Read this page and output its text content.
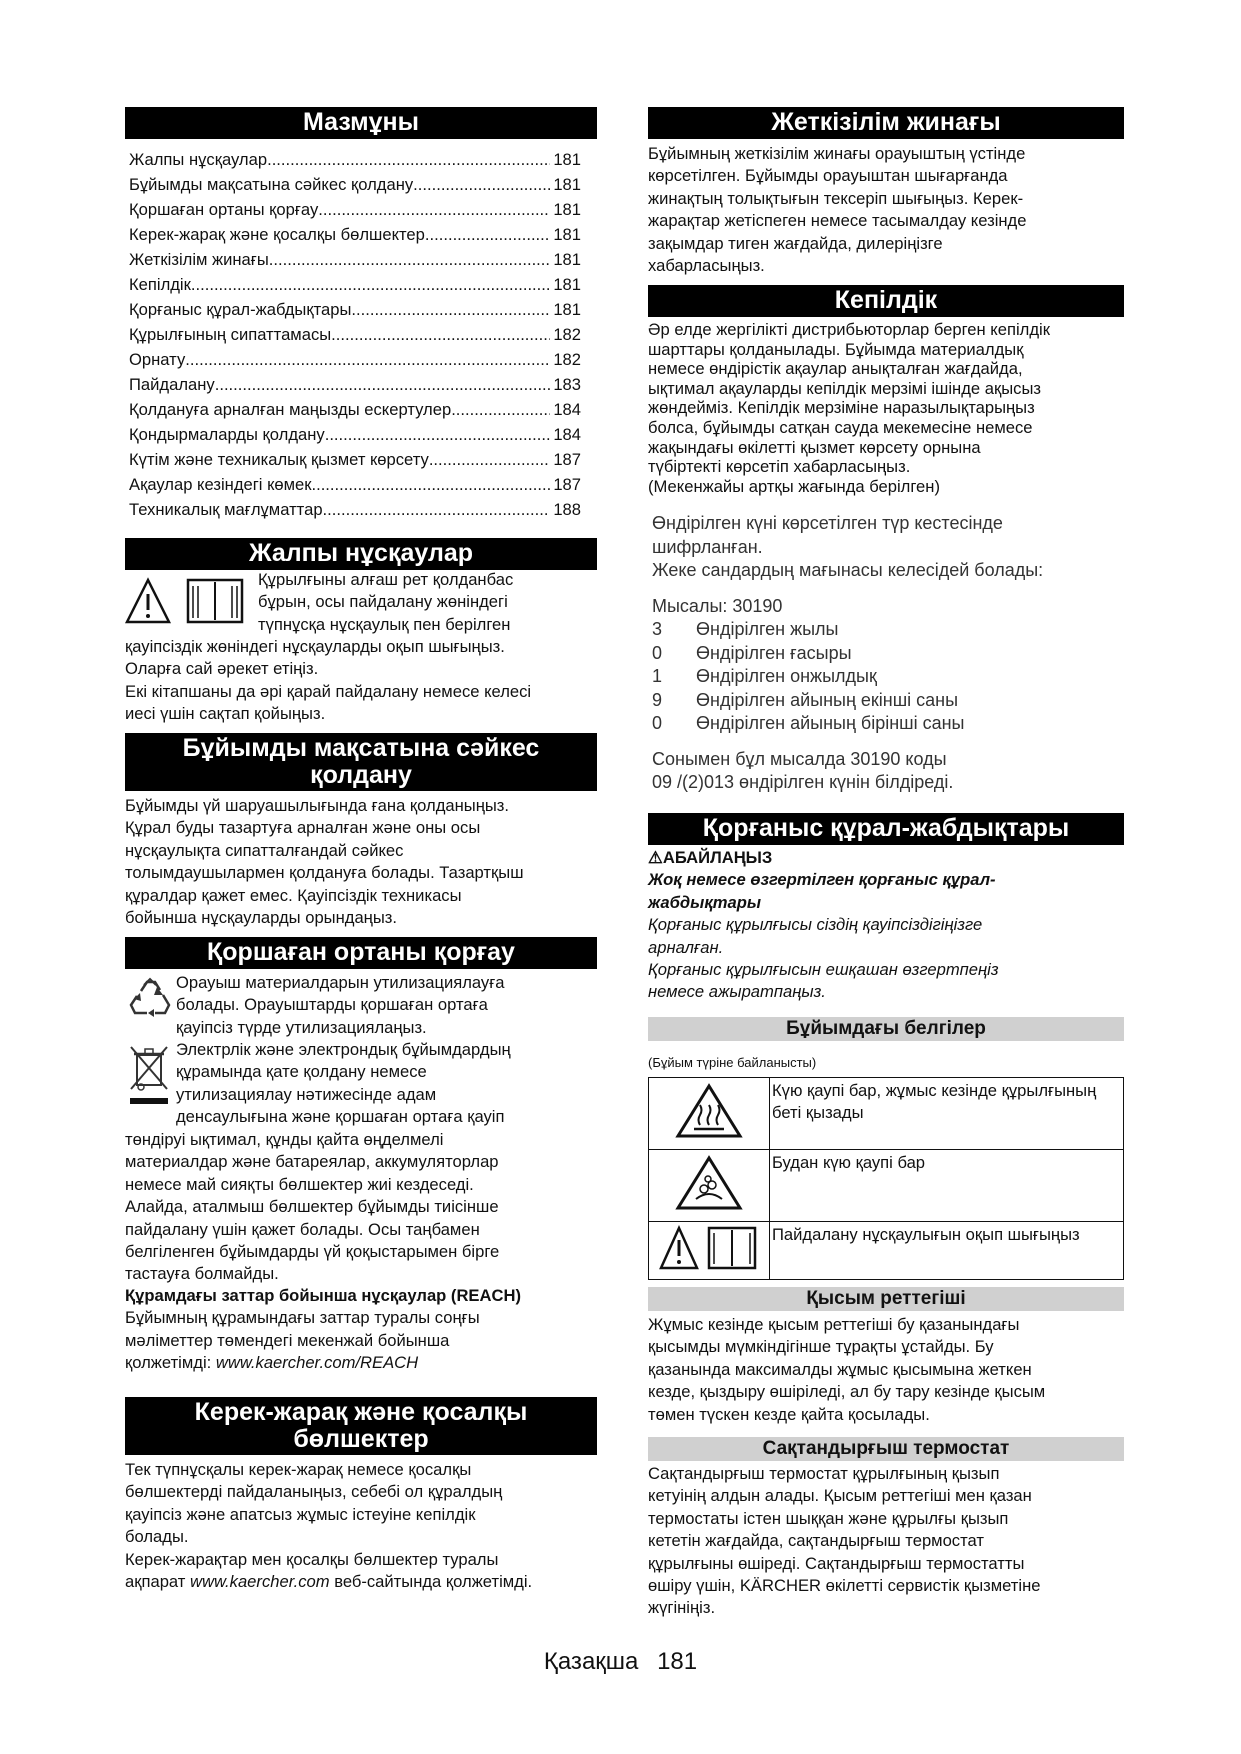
Мазмұны
Жалпы нұсқаулар .....	181
Бұйымды мақсатына сәйкес қолдану .....	181
Қоршаған ортаны қорғау .....	181
Керек-жарақ және қосалқы бөлшектер .....	181
Жеткізілім жинағы .....	181
Кепілдік .....	181
Қорғаныс құрал-жабдықтары .....	181
Құрылғының сипаттамасы .....	182
Орнату .....	182
Пайдалану .....	183
Қолдануға арналған маңызды ескертулер .....	184
Қондырмаларды қолдану .....	184
Күтім және техникалық қызмет көрсету .....	187
Ақаулар кезіндегі көмек .....	187
Техникалық мағлұматтар .....	188
Жалпы нұсқаулар
Құрылғыны алғаш рет қолданбас
бұрын, осы пайдалану жөніндегі
түпнұсқа нұсқаулық пен берілген
қауіпсіздік жөніндегі нұсқауларды оқып шығыңыз.
Оларға сай әрекет етіңіз.
Екі кітапшаны да әрі қарай пайдалану немесе келесі
иесі үшін сақтап қойыңыз.
Бұйымды мақсатына сәйкес
қолдану
Бұйымды үй шаруашылығында ғана қолданыңыз.
Құрал буды тазартуға арналған және оны осы
нұсқаулықта сипатталғандай сәйкес
толымдаушылармен қолдануға болады. Тазартқыш
құралдар қажет емес. Қауіпсіздік техникасы
бойынша нұсқауларды орындаңыз.
Қоршаған ортаны қорғау
Орауыш материалдарын утилизациялауға
болады. Орауыштарды қоршаған ортаға
қауіпсіз түрде утилизациялаңыз.
Электрлік және электрондық бұйымдардың
құрамында қате қолдану немесе
утилизациялау нәтижесінде адам
денсаулығына және қоршаған ортаға қауіп
төндіруі ықтимал, құнды қайта өңделмелі
материалдар және батареялар, аккумуляторлар
немесе май сияқты бөлшектер жиі кездеседі.
Алайда, аталмыш бөлшектер бұйымды тиісінше
пайдалану үшін қажет болады. Осы таңбамен
белгіленген бұйымдарды үй қоқыстарымен бірге
тастауға болмайды.
Құрамдағы заттар бойынша нұсқаулар (REACH)
Бұйымның құрамындағы заттар туралы соңғы
мәліметтер төмендегі мекенжай бойынша
қолжетімді: www.kaercher.com/REACH
Керек-жарақ және қосалқы
бөлшектер
Тек түпнұсқалы керек-жарақ немесе қосалқы
бөлшектерді пайдаланыңыз, себебі ол құралдың
қауіпсіз және апатсыз жұмыс істеуіне кепілдік
болады.
Керек-жарақтар мен қосалқы бөлшектер туралы
ақпарат www.kaercher.com веб-сайтында қолжетімді.
Жеткізілім жинағы
Бұйымның жеткізілім жинағы орауыштың үстінде
көрсетілген. Бұйымды орауыштан шығарғанда
жинақтың толықтығын тексеріп шығыңыз. Керек-
жарақтар жетіспеген немесе тасымалдау кезінде
зақымдар тиген жағдайда, дилеріңізге
хабарласыңыз.
Кепілдік
Әр елде жергілікті дистрибьюторлар берген кепілдік
шарттары қолданылады. Бұйымда материалдық
немесе өндірістік ақаулар анықталған жағдайда,
ықтимал ақауларды кепілдік мерзімі ішінде ақысыз
жөндейміз. Кепілдік мерзіміне наразылықтарыңыз
болса, бұйымды сатқан сауда мекемесіне немесе
жақындағы өкілетті қызмет көрсету орнына
түбіртекті көрсетіп хабарласыңыз.
(Мекенжайы артқы жағында берілген)
Өндірілген күні көрсетілген түр кестесінде
шифрланған.
Жеке сандардың мағынасы келесідей болады:
Мысалы: 30190
3	Өндірілген жылы
0	Өндірілген ғасыры
1	Өндірілген онжылдық
9	Өндірілген айының екінші саны
0	Өндірілген айының бірінші саны
Сонымен бұл мысалда 30190 коды
09 /(2)013 өндірілген күнін білдіреді.
Қорғаныс құрал-жабдықтары
⚠АБАЙЛАҢЫЗ
Жоқ немесе өзгертілген қорғаныс құрал-
жабдықтары
Қорғаныс құрылғысы сіздің қауіпсіздігіңізге
арналған.
Қорғаныс құрылғысын ешқашан өзгертпеңіз
немесе ажыратпаңыз.
Бұйымдағы белгілер
(Бұйым түріне байланысты)
	Күю қаупі бар, жұмыс кезінде құрылғының беті қызады
	Будан күю қаупі бар
	Пайдалану нұсқаулығын оқып шығыңыз
Қысым реттегіші
Жұмыс кезінде қысым реттегіші бу қазанындағы
қысымды мүмкіндігінше тұрақты ұстайды. Бу
қазанында максималды жұмыс қысымына жеткен
кезде, қыздыру өшіріледі, ал бу тару кезінде қысым
төмен түскен кезде қайта қосылады.
Сақтандырғыш термостат
Сақтандырғыш термостат құрылғының қызып
кетуінің алдын алады. Қысым реттегіші мен қазан
термостаты істен шыққан және құрылғы қызып
кететін жағдайда, сақтандырғыш термостат
құрылғыны өшіреді. Сақтандырғыш термостатты
өшіру үшін, KÄRCHER өкілетті сервистік қызметіне
жүгініңіз.
Қазақша 181
